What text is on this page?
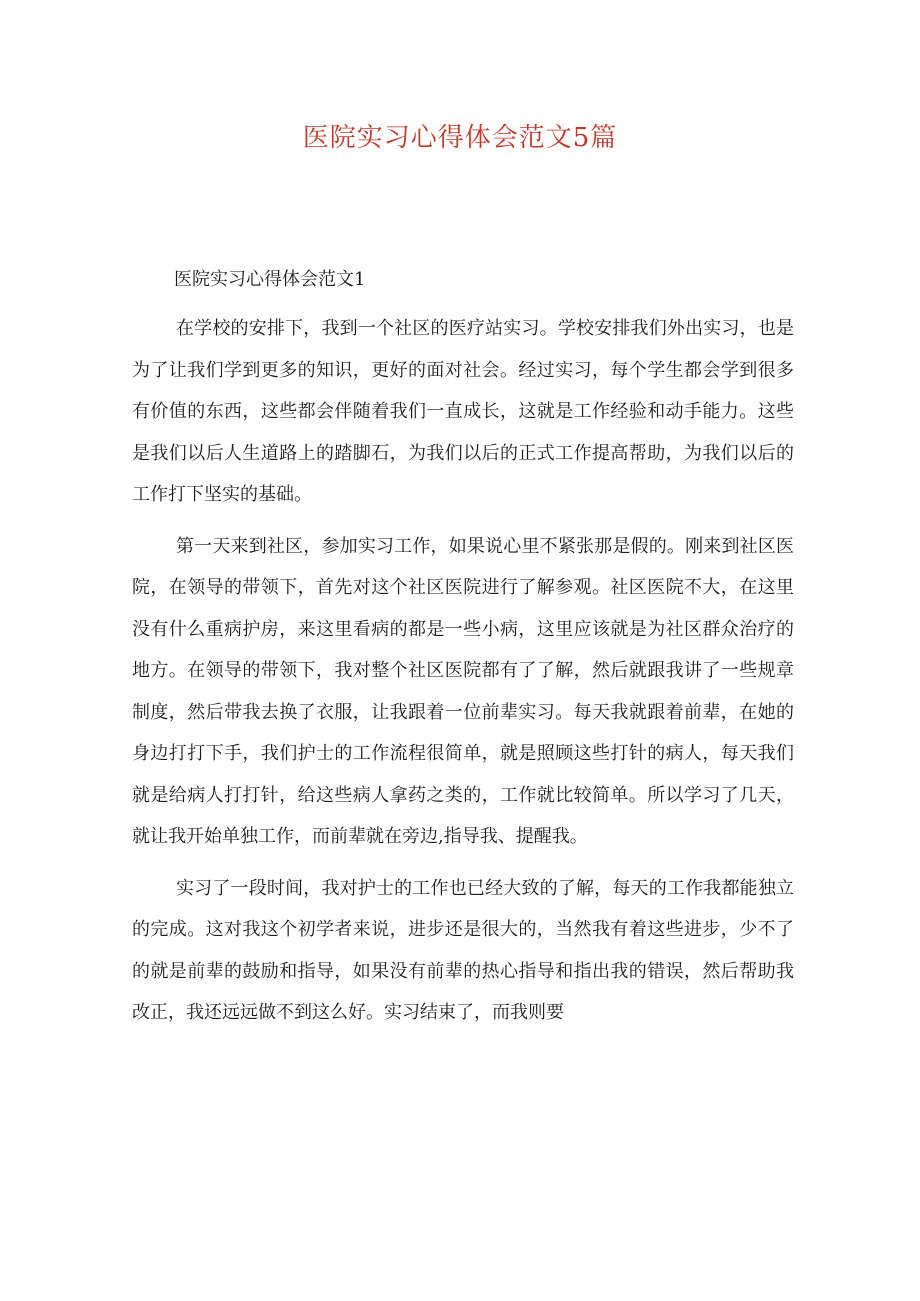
医院实习心得体会范文5篇
医院实习心得体会范文1

在学校的安排下，我到一个社区的医疗站实习。学校安排我们外出实习，也是为了让我们学到更多的知识，更好的面对社会。经过实习，每个学生都会学到很多有价值的东西，这些都会伴随着我们一直成长，这就是工作经验和动手能力。这些是我们以后人生道路上的踏脚石，为我们以后的正式工作提高帮助，为我们以后的工作打下坚实的基础。

第一天来到社区，参加实习工作，如果说心里不紧张那是假的。刚来到社区医院，在领导的带领下，首先对这个社区医院进行了解参观。社区医院不大，在这里没有什么重病护房，来这里看病的都是一些小病，这里应该就是为社区群众治疗的地方。在领导的带领下，我对整个社区医院都有了了解，然后就跟我讲了一些规章制度，然后带我去换了衣服，让我跟着一位前辈实习。每天我就跟着前辈，在她的身边打打下手，我们护士的工作流程很简单，就是照顾这些打针的病人，每天我们就是给病人打打针，给这些病人拿药之类的，工作就比较简单。所以学习了几天，就让我开始单独工作，而前辈就在旁边,指导我、提醒我。

实习了一段时间，我对护士的工作也已经大致的了解，每天的工作我都能独立的完成。这对我这个初学者来说，进步还是很大的，当然我有着这些进步，少不了的就是前辈的鼓励和指导，如果没有前辈的热心指导和指出我的错误，然后帮助我改正，我还远远做不到这么好。实习结束了，而我则要
